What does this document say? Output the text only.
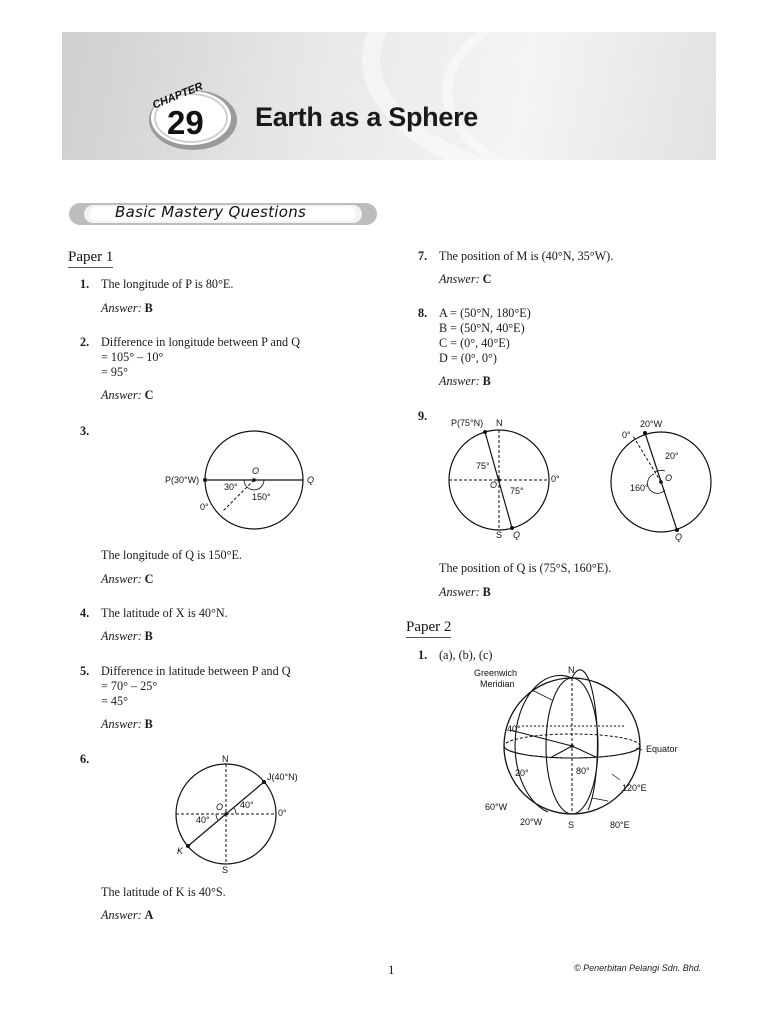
CHAPTER
29 Earth as a Sphere
Basic Mastery Questions
Paper 1
1. The longitude of P is 80°E.
Answer: B
2. Difference in longitude between P and Q
= 105° – 10°
= 95°
Answer: C
3.
P(30°W)
O
Q
30°
150°
0°
The longitude of Q is 150°E.
Answer: C
4. The latitude of X is 40°N.
Answer: B
5. Difference in latitude between P and Q
= 70° – 25°
= 45°
Answer: B
6.	N
S
J(40°N)
O 40°
40°
0°
K
The latitude of K is 40°S.
Answer: A
7. The position of M is (40°N, 35°W).
Answer: C
8. A = (50°N, 180°E)
B = (50°N, 40°E)
C = (0°, 40°E)
D = (0°, 0°)
Answer: B
9.	P(75°N) N
75°
O
0°
75°
S Q
20°W
0°
20°
160°
O
Q
The position of Q is (75°S, 160°E).
Answer: B
Paper 2
1. (a), (b), (c)
Greenwich
Meridian
N
40°
Equator
20°	80°
120°E
60°W
20°W	S	80°E
1	© Penerbitan Pelangi Sdn. Bhd.
